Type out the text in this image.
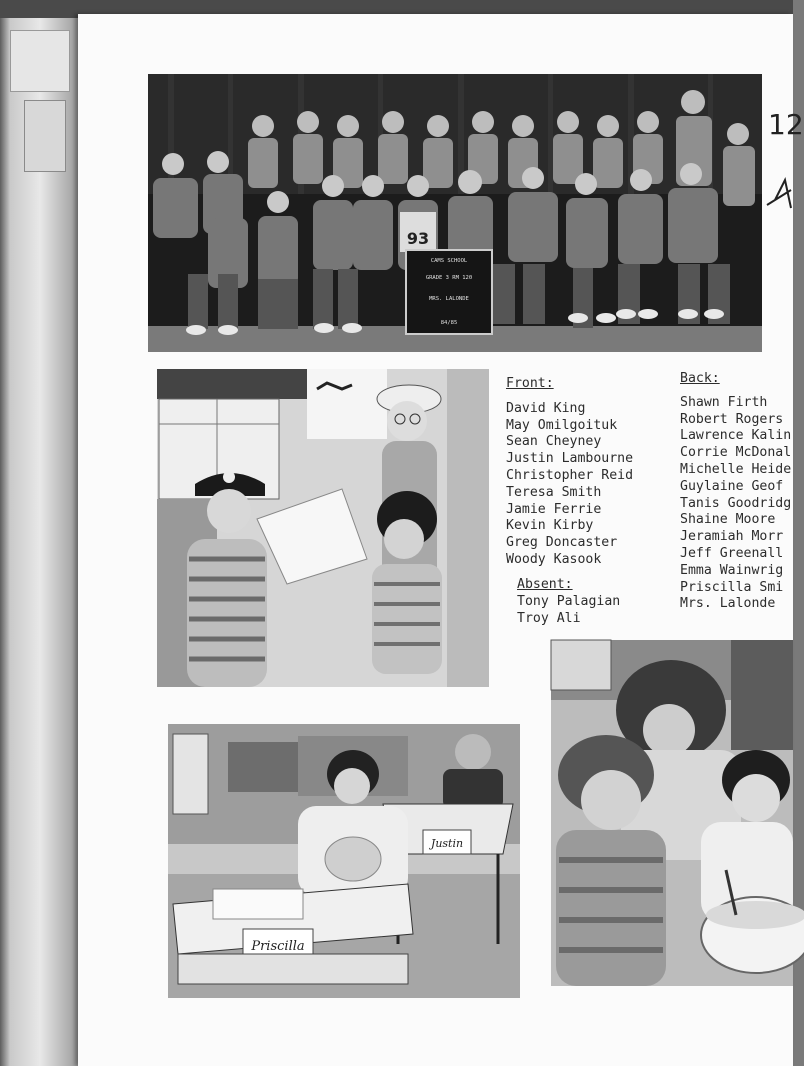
12
93
CAMS SCHOOL
GRADE 3 RM 120
MRS. LALONDE
84/85
Front:
David King
May Omilgoituk
Sean Cheyney
Justin Lambourne
Christopher Reid
Teresa Smith
Jamie Ferrie
Kevin Kirby
Greg Doncaster
Woody Kasook
Absent:
Tony Palagian
Troy Ali
Back:
Shawn Firth
Robert Rogers
Lawrence Kalin
Corrie McDonal
Michelle Heide
Guylaine Geof
Tanis Goodridg
Shaine Moore
Jeramiah Morr
Jeff Greenall
Emma Wainwrig
Priscilla Smi
Mrs. Lalonde
Justin
Priscilla
